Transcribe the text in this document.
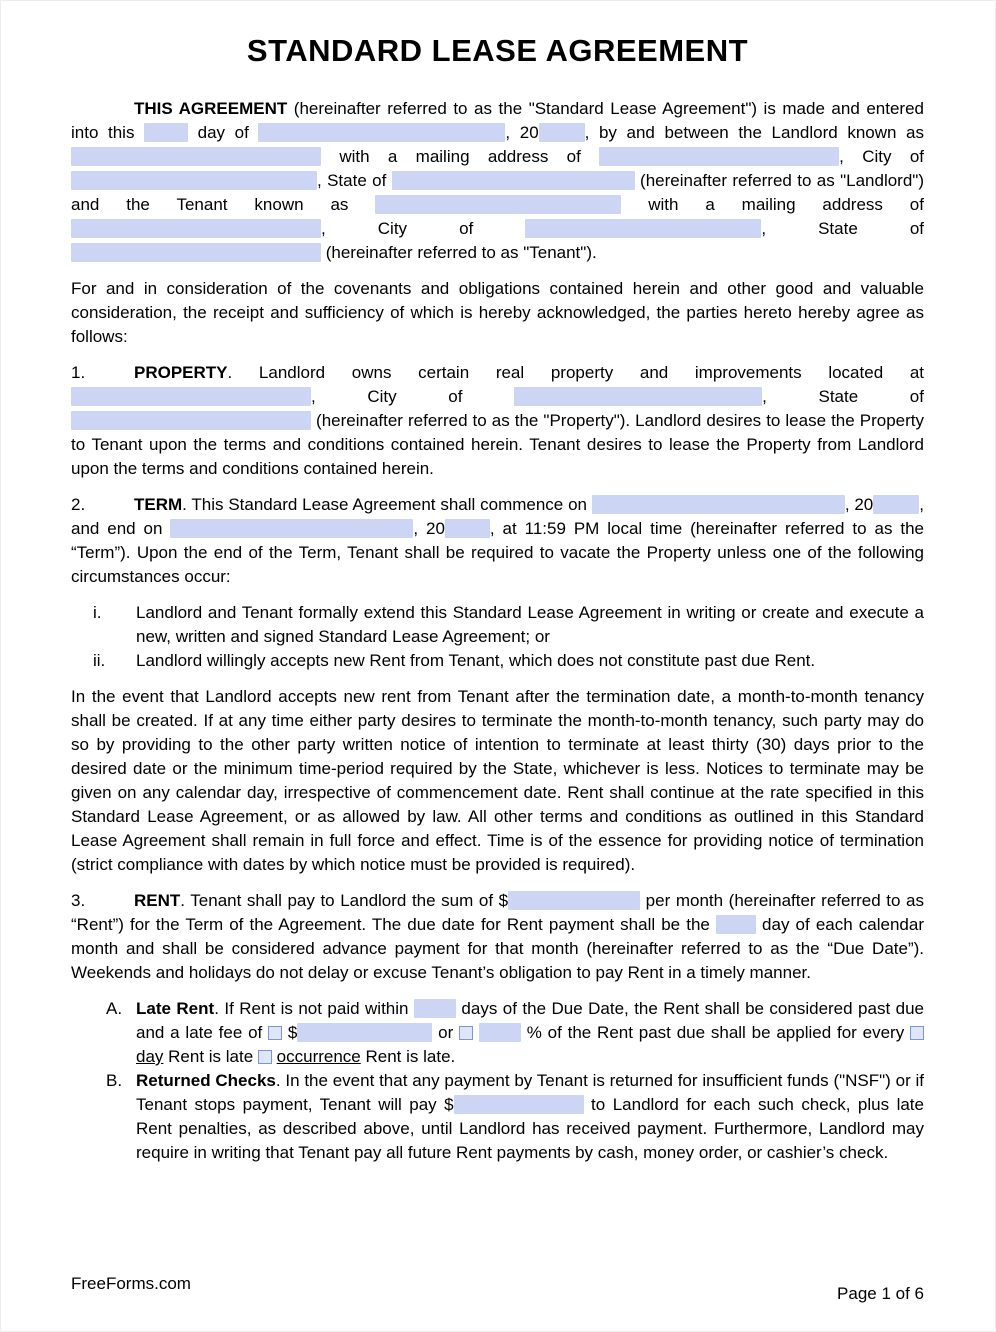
STANDARD LEASE AGREEMENT

THIS AGREEMENT (hereinafter referred to as the "Standard Lease Agreement") is made and entered into this	day of	, 20	, by and between the Landlord known as  with a mailing address of	, City of , State of	(hereinafter referred to as "Landlord") and the Tenant known as	with a mailing address of , City of	, State of  (hereinafter referred to as "Tenant").

For and in consideration of the covenants and obligations contained herein and other good and valuable consideration, the receipt and sufficiency of which is hereby acknowledged, the parties hereto hereby agree as follows:

1.	PROPERTY. Landlord owns certain real property and improvements located at , City of	, State of  (hereinafter referred to as the "Property"). Landlord desires to lease the Property to Tenant upon the terms and conditions contained herein. Tenant desires to lease the Property from Landlord upon the terms and conditions contained herein.

2.	TERM. This Standard Lease Agreement shall commence on	, 20	, and end on	, 20	, at 11:59 PM local time (hereinafter referred to as the “Term”). Upon the end of the Term, Tenant shall be required to vacate the Property unless one of the following circumstances occur:

i. Landlord and Tenant formally extend this Standard Lease Agreement in writing or create and execute a new, written and signed Standard Lease Agreement; or
ii. Landlord willingly accepts new Rent from Tenant, which does not constitute past due Rent.

In the event that Landlord accepts new rent from Tenant after the termination date, a month-to-month tenancy shall be created. If at any time either party desires to terminate the month-to-month tenancy, such party may do so by providing to the other party written notice of intention to terminate at least thirty (30) days prior to the desired date or the minimum time-period required by the State, whichever is less. Notices to terminate may be given on any calendar day, irrespective of commencement date. Rent shall continue at the rate specified in this Standard Lease Agreement, or as allowed by law. All other terms and conditions as outlined in this Standard Lease Agreement shall remain in full force and effect. Time is of the essence for providing notice of termination (strict compliance with dates by which notice must be provided is required).

3.	RENT. Tenant shall pay to Landlord the sum of $	per month (hereinafter referred to as “Rent”) for the Term of the Agreement. The due date for Rent payment shall be the  day of each calendar month and shall be considered advance payment for that month (hereinafter referred to as the “Due Date”). Weekends and holidays do not delay or excuse Tenant’s obligation to pay Rent in a timely manner.

A. Late Rent. If Rent is not paid within  days of the Due Date, the Rent shall be considered past due and a late fee of  $	or	% of the Rent past due shall be applied for every  day Rent is late  occurrence Rent is late.
B. Returned Checks. In the event that any payment by Tenant is returned for insufficient funds ("NSF") or if Tenant stops payment, Tenant will pay $	to Landlord for each such check, plus late Rent penalties, as described above, until Landlord has received payment. Furthermore, Landlord may require in writing that Tenant pay all future Rent payments by cash, money order, or cashier’s check.
FreeForms.com
Page 1 of 6
